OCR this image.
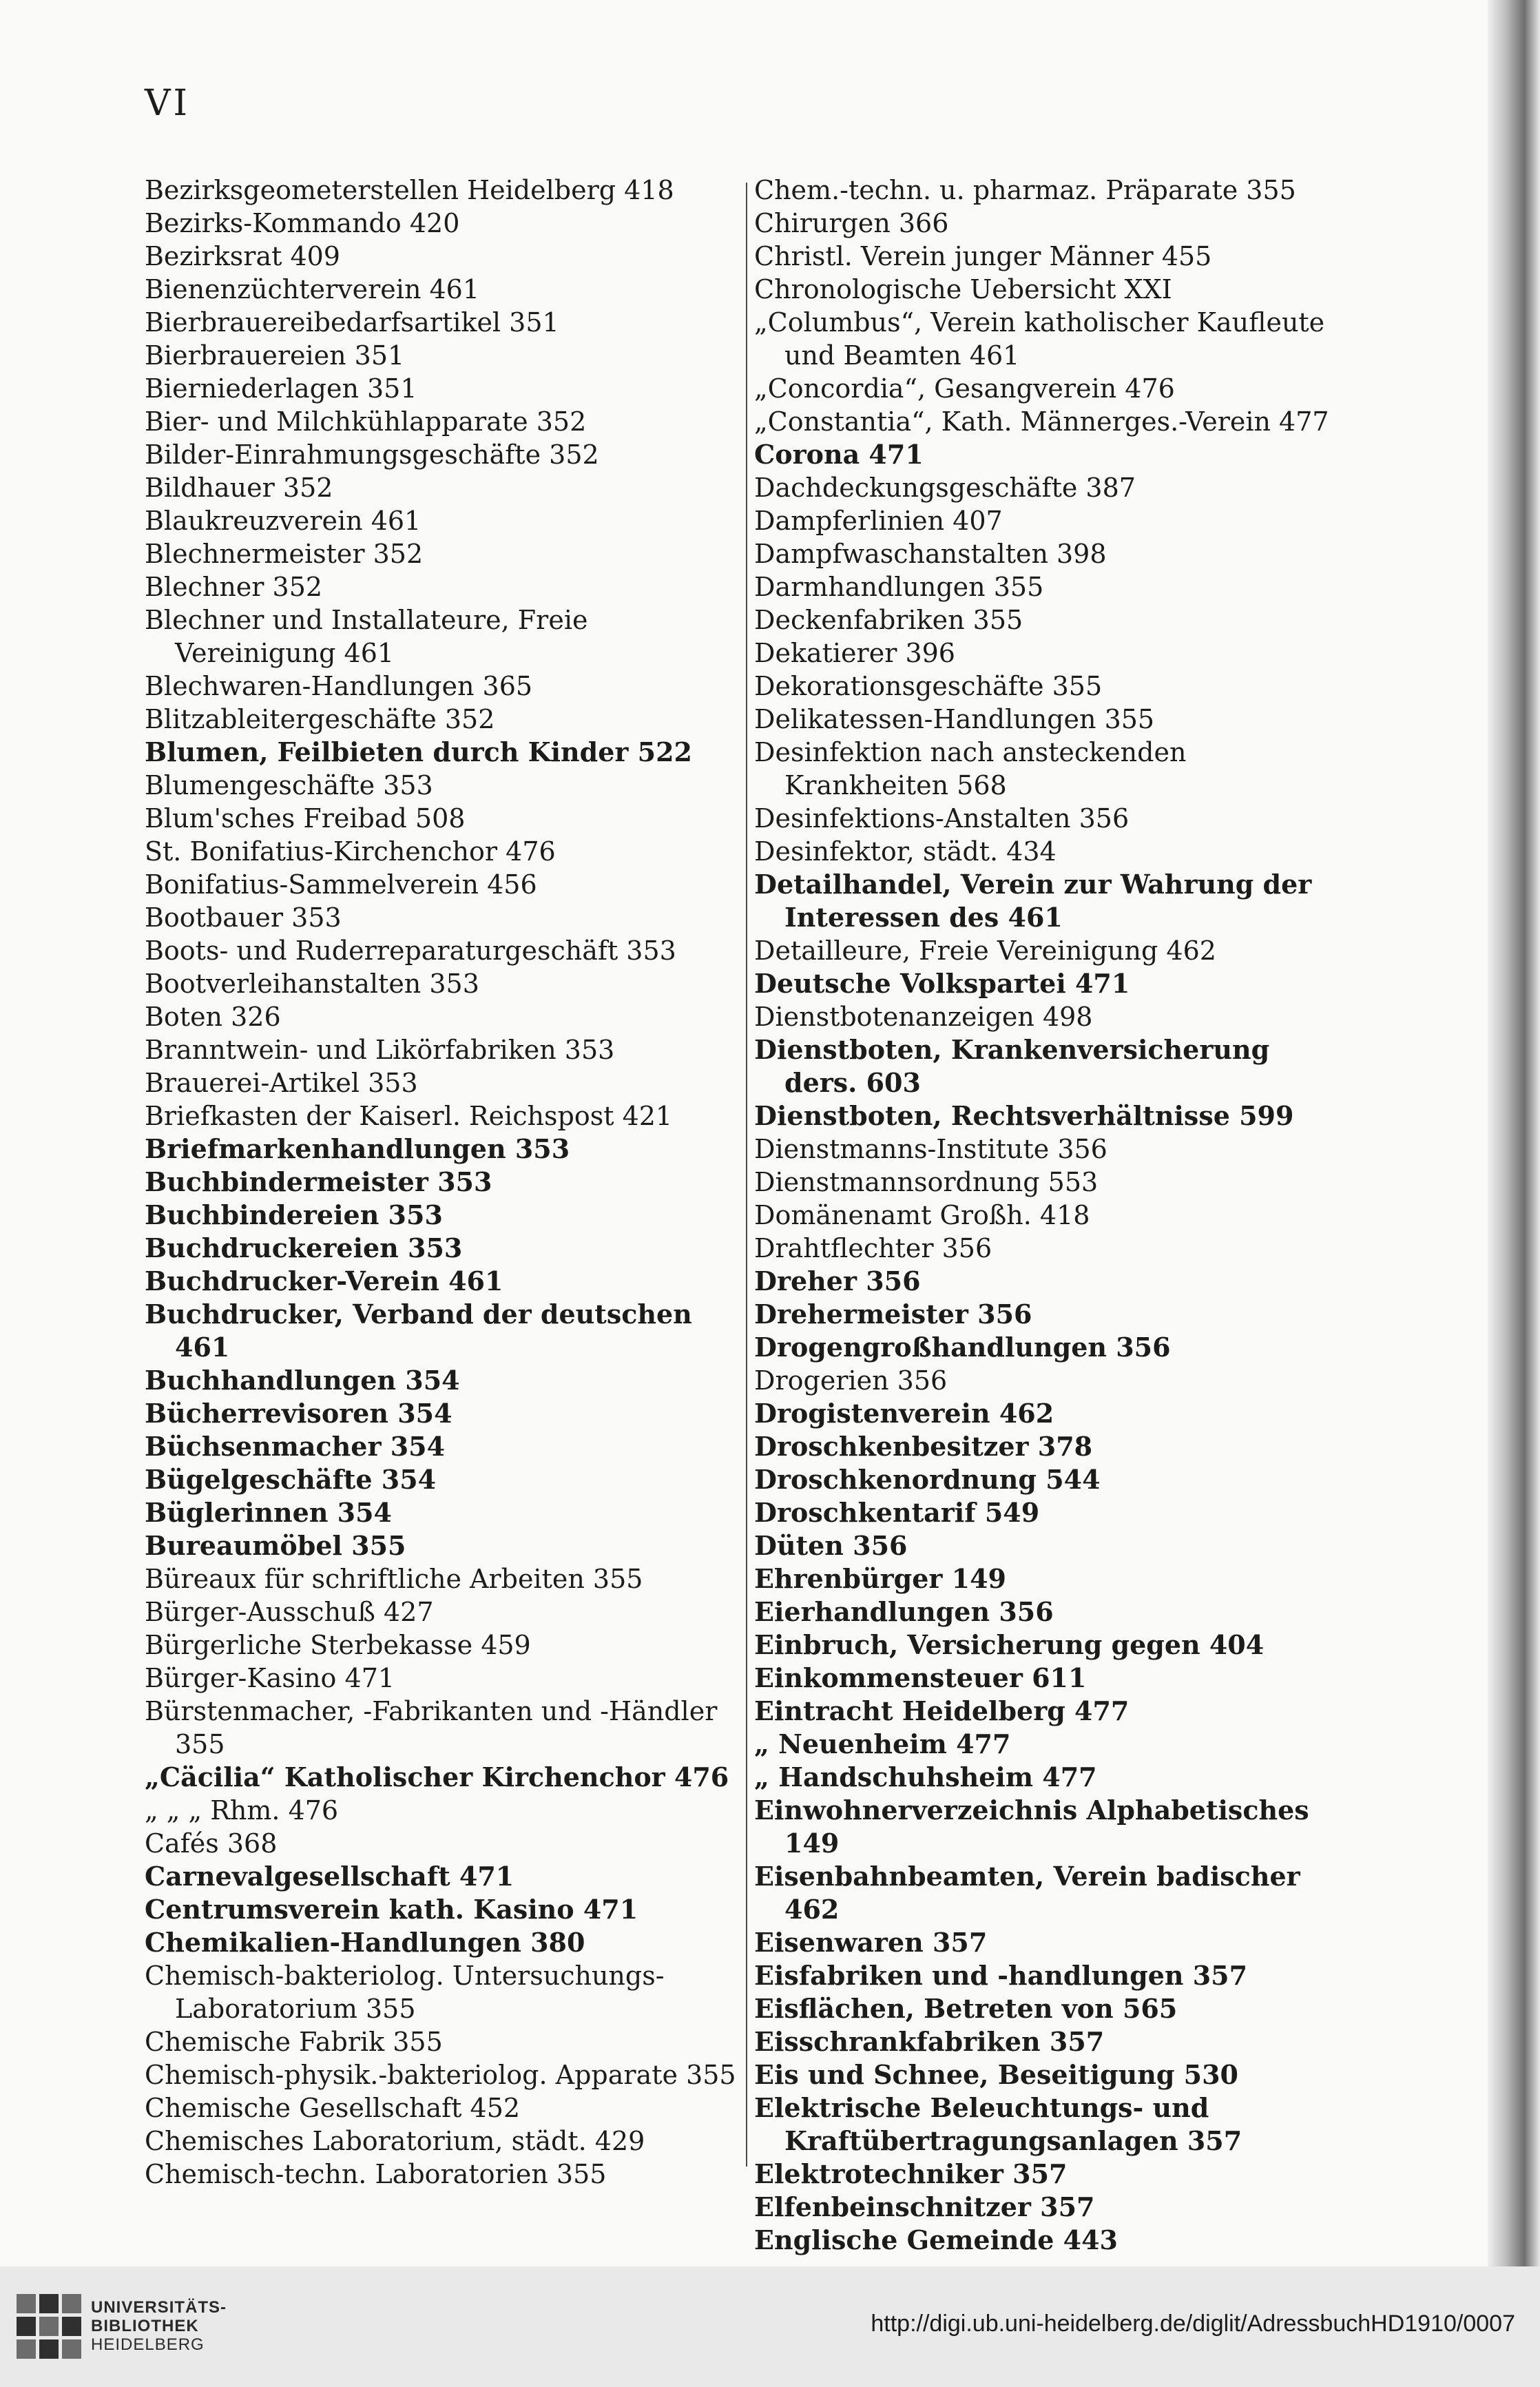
VI
Bezirksgeometerstellen Heidelberg 418
Bezirks-Kommando 420
Bezirksrat 409
Bienenzüchterverein 461
Bierbrauereibedarfsartikel 351
Bierbrauereien 351
Bierniederlagen 351
Bier- und Milchkühlapparate 352
Bilder-Einrahmungsgeschäfte 352
Bildhauer 352
Blaukreuzverein 461
Blechnermeister 352
Blechner 352
Blechner und Installateure, Freie Vereinigung 461
Blechwaren-Handlungen 365
Blitzableitergeschäfte 352
Blumen, Feilbieten durch Kinder 522
Blumengeschäfte 353
Blum'sches Freibad 508
St. Bonifatius-Kirchenchor 476
Bonifatius-Sammelverein 456
Bootbauer 353
Boots- und Ruderreparaturgeschäft 353
Bootverleihanstalten 353
Boten 326
Branntwein- und Likörfabriken 353
Brauerei-Artikel 353
Briefkasten der Kaiserl. Reichspost 421
Briefmarkenhandlungen 353
Buchbindermeister 353
Buchbindereien 353
Buchdruckereien 353
Buchdrucker-Verein 461
Buchdrucker, Verband der deutschen 461
Buchhandlungen 354
Bücherrevisoren 354
Büchsenmacher 354
Bügelgeschäfte 354
Büglerinnen 354
Bureaumöbel 355
Büreaux für schriftliche Arbeiten 355
Bürger-Ausschuß 427
Bürgerliche Sterbekasse 459
Bürger-Kasino 471
Bürstenmacher, -Fabrikanten und -Händler 355
„Cäcilia“ Katholischer Kirchenchor 476
„ „ „ Rhm. 476
Cafés 368
Carnevalgesellschaft 471
Centrumsverein kath. Kasino 471
Chemikalien-Handlungen 380
Chemisch-bakteriolog. Untersuchungs-Laboratorium 355
Chemische Fabrik 355
Chemisch-physik.-bakteriolog. Apparate 355
Chemische Gesellschaft 452
Chemisches Laboratorium, städt. 429
Chemisch-techn. Laboratorien 355
Chem.-techn. u. pharmaz. Präparate 355
Chirurgen 366
Christl. Verein junger Männer 455
Chronologische Uebersicht XXI
„Columbus“, Verein katholischer Kaufleute und Beamten 461
„Concordia“, Gesangverein 476
„Constantia“, Kath. Männerges.-Verein 477
Corona 471
Dachdeckungsgeschäfte 387
Dampferlinien 407
Dampfwaschanstalten 398
Darmhandlungen 355
Deckenfabriken 355
Dekatierer 396
Dekorationsgeschäfte 355
Delikatessen-Handlungen 355
Desinfektion nach ansteckenden Krankheiten 568
Desinfektions-Anstalten 356
Desinfektor, städt. 434
Detailhandel, Verein zur Wahrung der Interessen des 461
Detailleure, Freie Vereinigung 462
Deutsche Volkspartei 471
Dienstbotenanzeigen 498
Dienstboten, Krankenversicherung ders. 603
Dienstboten, Rechtsverhältnisse 599
Dienstmanns-Institute 356
Dienstmannsordnung 553
Domänenamt Großh. 418
Drahtflechter 356
Dreher 356
Drehermeister 356
Drogengroßhandlungen 356
Drogerien 356
Drogistenverein 462
Droschkenbesitzer 378
Droschkenordnung 544
Droschkentarif 549
Düten 356
Ehrenbürger 149
Eierhandlungen 356
Einbruch, Versicherung gegen 404
Einkommensteuer 611
Eintracht Heidelberg 477
„ Neuenheim 477
„ Handschuhsheim 477
Einwohnerverzeichnis Alphabetisches 149
Eisenbahnbeamten, Verein badischer 462
Eisenwaren 357
Eisfabriken und -handlungen 357
Eisflächen, Betreten von 565
Eisschrankfabriken 357
Eis und Schnee, Beseitigung 530
Elektrische Beleuchtungs- und Kraftübertragungsanlagen 357
Elektrotechniker 357
Elfenbeinschnitzer 357
Englische Gemeinde 443
UNIVERSITÄTS-
BIBLIOTHEK
HEIDELBERG
http://digi.ub.uni-heidelberg.de/diglit/AdressbuchHD1910/0007
